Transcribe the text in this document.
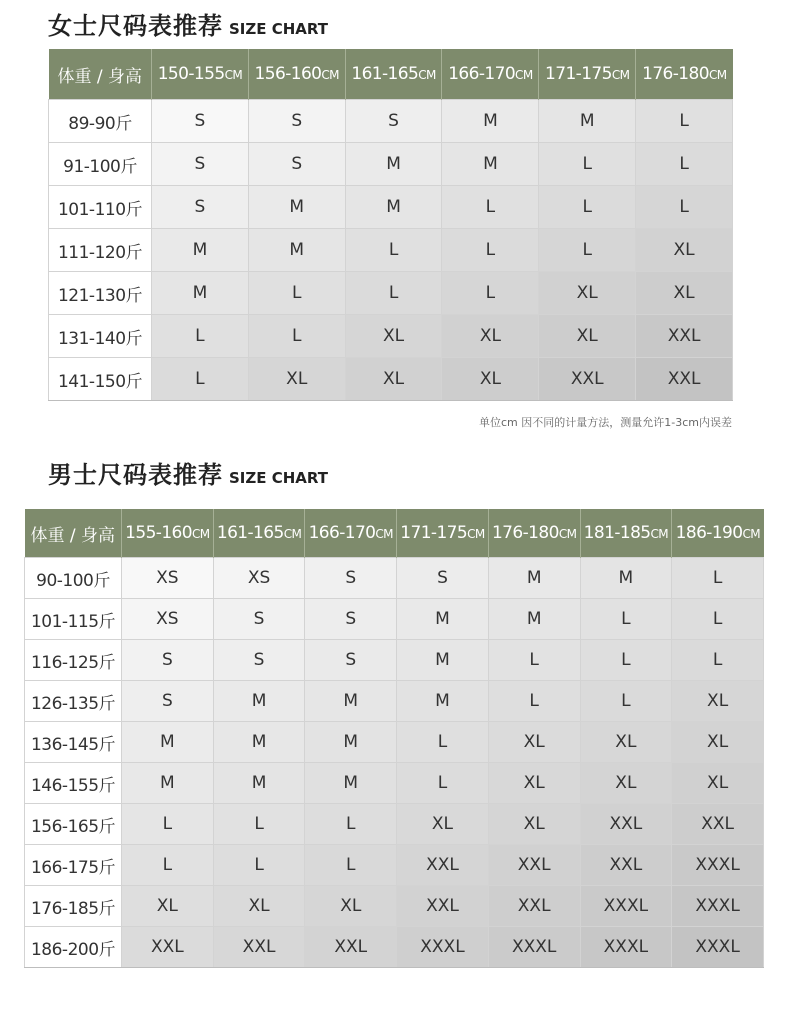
女士尺码表推荐 SIZE CHART
体重 / 身高	150-155CM	156-160CM	161-165CM	166-170CM	171-175CM	176-180CM
89-90斤	S	S	S	M	M	L
91-100斤	S	S	M	M	L	L
101-110斤	S	M	M	L	L	L
111-120斤	M	M	L	L	L	XL
121-130斤	M	L	L	L	XL	XL
131-140斤	L	L	XL	XL	XL	XXL
141-150斤	L	XL	XL	XL	XXL	XXL
单位cm 因不同的计量方法，测量允许1-3cm内误差
男士尺码表推荐 SIZE CHART
体重 / 身高	155-160CM	161-165CM	166-170CM	171-175CM	176-180CM	181-185CM	186-190CM
90-100斤	XS	XS	S	S	M	M	L
101-115斤	XS	S	S	M	M	L	L
116-125斤	S	S	S	M	L	L	L
126-135斤	S	M	M	M	L	L	XL
136-145斤	M	M	M	L	XL	XL	XL
146-155斤	M	M	M	L	XL	XL	XL
156-165斤	L	L	L	XL	XL	XXL	XXL
166-175斤	L	L	L	XXL	XXL	XXL	XXXL
176-185斤	XL	XL	XL	XXL	XXL	XXXL	XXXL
186-200斤	XXL	XXL	XXL	XXXL	XXXL	XXXL	XXXL
